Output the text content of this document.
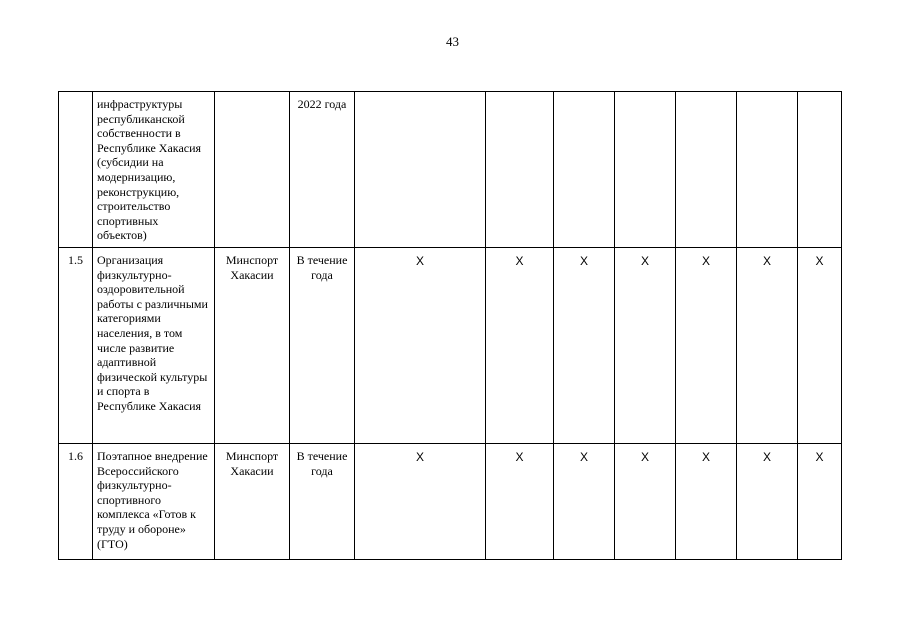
43
	инфраструктуры республиканской собственности в Республике Хакасия (субсидии на модернизацию, реконструкцию, строительство спортивных объектов)		2022 года							
1.5	Организация физкультурно-оздоровительной работы с различными категориями населения, в том числе развитие адаптивной физической культуры и спорта в Республике Хакасия	Минспорт Хакасии	В течение года	X	X	X	X	X	X	X
1.6	Поэтапное внедрение Всероссийского физкультурно-спортивного комплекса «Готов к труду и обороне» (ГТО)	Минспорт Хакасии	В течение года	X	X	X	X	X	X	X
